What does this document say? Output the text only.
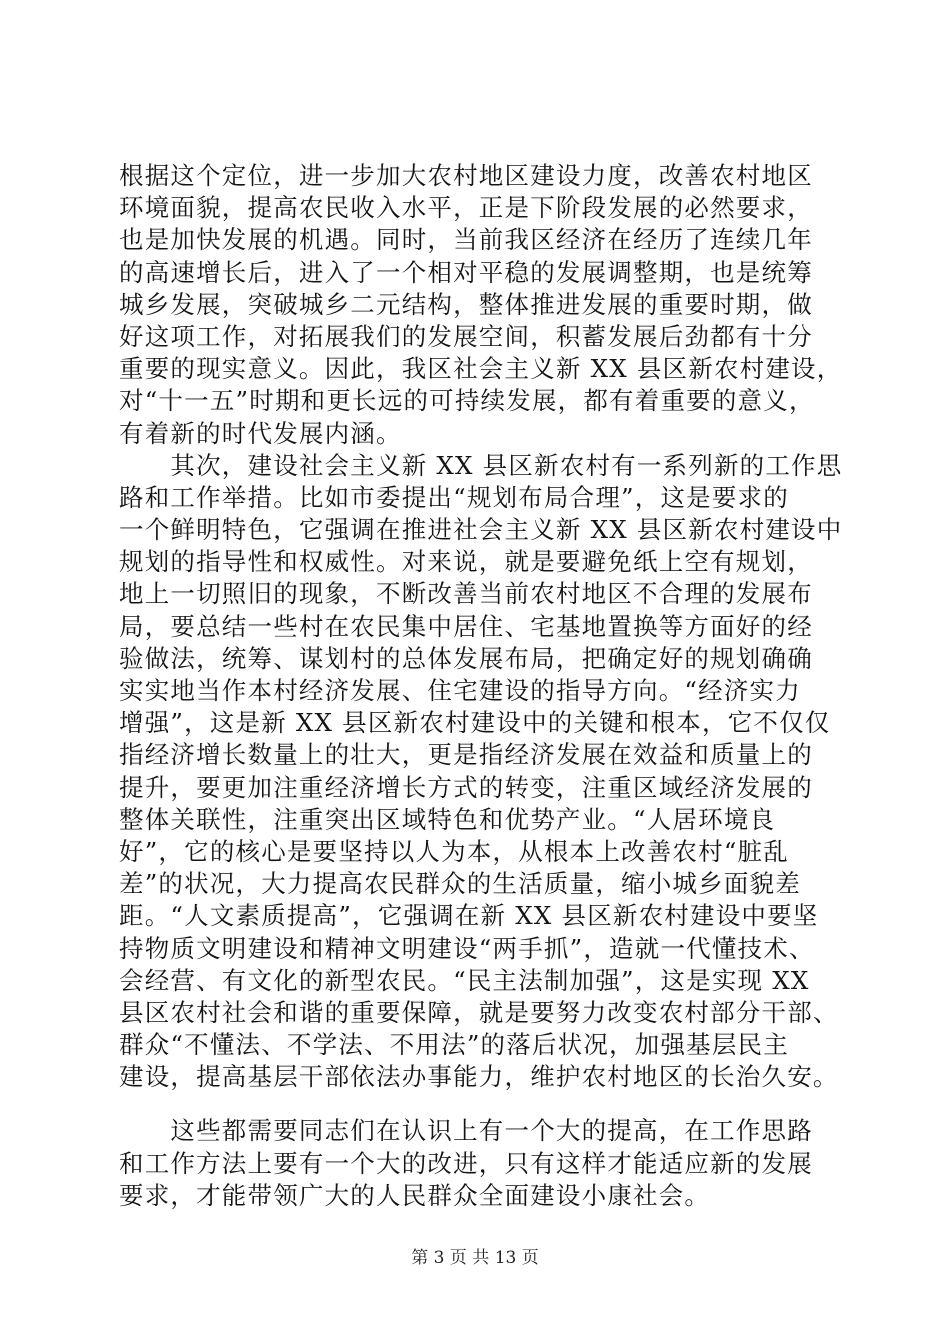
根据这个定位，进一步加大农村地区建设力度，改善农村地区
环境面貌，提高农民收入水平，正是下阶段发展的必然要求，
也是加快发展的机遇。同时，当前我区经济在经历了连续几年
的高速增长后，进入了一个相对平稳的发展调整期，也是统筹
城乡发展，突破城乡二元结构，整体推进发展的重要时期，做
好这项工作，对拓展我们的发展空间，积蓄发展后劲都有十分
重要的现实意义。因此，我区社会主义新 XX 县区新农村建设，
对“十一五”时期和更长远的可持续发展，都有着重要的意义，
有着新的时代发展内涵。
　　其次，建设社会主义新 XX 县区新农村有一系列新的工作思
路和工作举措。比如市委提出“规划布局合理”，这是要求的
一个鲜明特色，它强调在推进社会主义新 XX 县区新农村建设中
规划的指导性和权威性。对来说，就是要避免纸上空有规划，
地上一切照旧的现象，不断改善当前农村地区不合理的发展布
局，要总结一些村在农民集中居住、宅基地置换等方面好的经
验做法，统筹、谋划村的总体发展布局，把确定好的规划确确
实实地当作本村经济发展、住宅建设的指导方向。“经济实力
增强”，这是新 XX 县区新农村建设中的关键和根本，它不仅仅
指经济增长数量上的壮大，更是指经济发展在效益和质量上的
提升，要更加注重经济增长方式的转变，注重区域经济发展的
整体关联性，注重突出区域特色和优势产业。“人居环境良
好”，它的核心是要坚持以人为本，从根本上改善农村“脏乱
差”的状况，大力提高农民群众的生活质量，缩小城乡面貌差
距。“人文素质提高”，它强调在新 XX 县区新农村建设中要坚
持物质文明建设和精神文明建设“两手抓”，造就一代懂技术、
会经营、有文化的新型农民。“民主法制加强”，这是实现 XX
县区农村社会和谐的重要保障，就是要努力改变农村部分干部、
群众“不懂法、不学法、不用法”的落后状况，加强基层民主
建设，提高基层干部依法办事能力，维护农村地区的长治久安。
　　这些都需要同志们在认识上有一个大的提高，在工作思路
和工作方法上要有一个大的改进，只有这样才能适应新的发展
要求，才能带领广大的人民群众全面建设小康社会。
第 3 页 共 13 页
